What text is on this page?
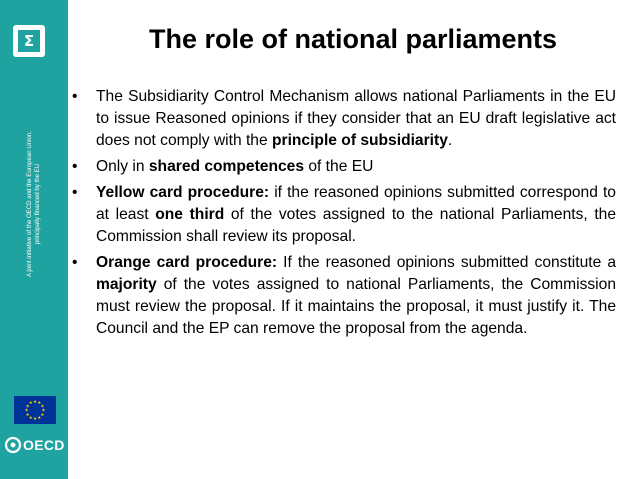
Σ
A joint initiative of the OECD and the European Union, principally financed by the EU
★ ★
★
★
★
★
★
★
★
★
★
★
OECD
The role of national parliaments
• The Subsidiarity Control Mechanism allows national Parliaments in the EU to issue Reasoned opinions if they consider that an EU draft legislative act does not comply with the principle of subsidiarity.
• Only in shared competences of the EU
• Yellow card procedure: if the reasoned opinions submitted correspond to at least one third of the votes assigned to the national Parliaments, the Commission shall review its proposal.
• Orange card procedure: If the reasoned opinions submitted constitute a majority of the votes assigned to national Parliaments, the Commission must review the proposal. If it maintains the proposal, it must justify it. The Council and the EP can remove the proposal from the agenda.
